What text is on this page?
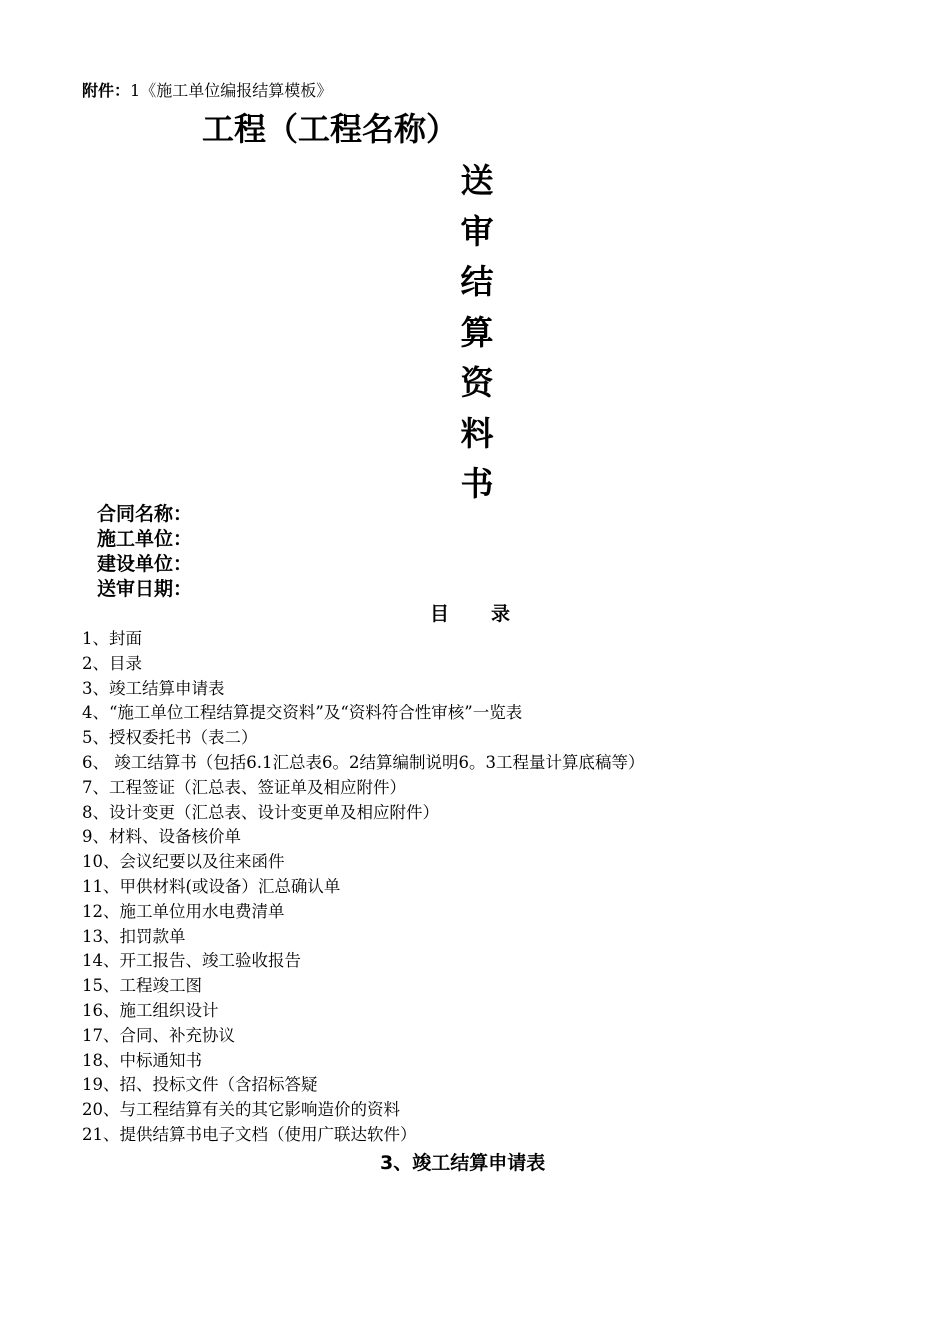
附件：1《施工单位编报结算模板》
工程（工程名称）
送
审
结
算
资
料
书
合同名称：
施工单位：
建设单位：
送审日期：
目 录
1、封面
2、目录
3、竣工结算申请表
4、“施工单位工程结算提交资料”及“资料符合性审核”一览表
5、授权委托书（表二）
6、 竣工结算书（包括6.1汇总表6。2结算编制说明6。3工程量计算底稿等）
7、工程签证（汇总表、签证单及相应附件）
8、设计变更（汇总表、设计变更单及相应附件）
9、材料、设备核价单
10、会议纪要以及往来函件
11、甲供材料(或设备）汇总确认单
12、施工单位用水电费清单
13、扣罚款单
14、开工报告、竣工验收报告
15、工程竣工图
16、施工组织设计
17、合同、补充协议
18、中标通知书
19、招、投标文件（含招标答疑
20、与工程结算有关的其它影响造价的资料
21、提供结算书电子文档（使用广联达软件）
3、竣工结算申请表
